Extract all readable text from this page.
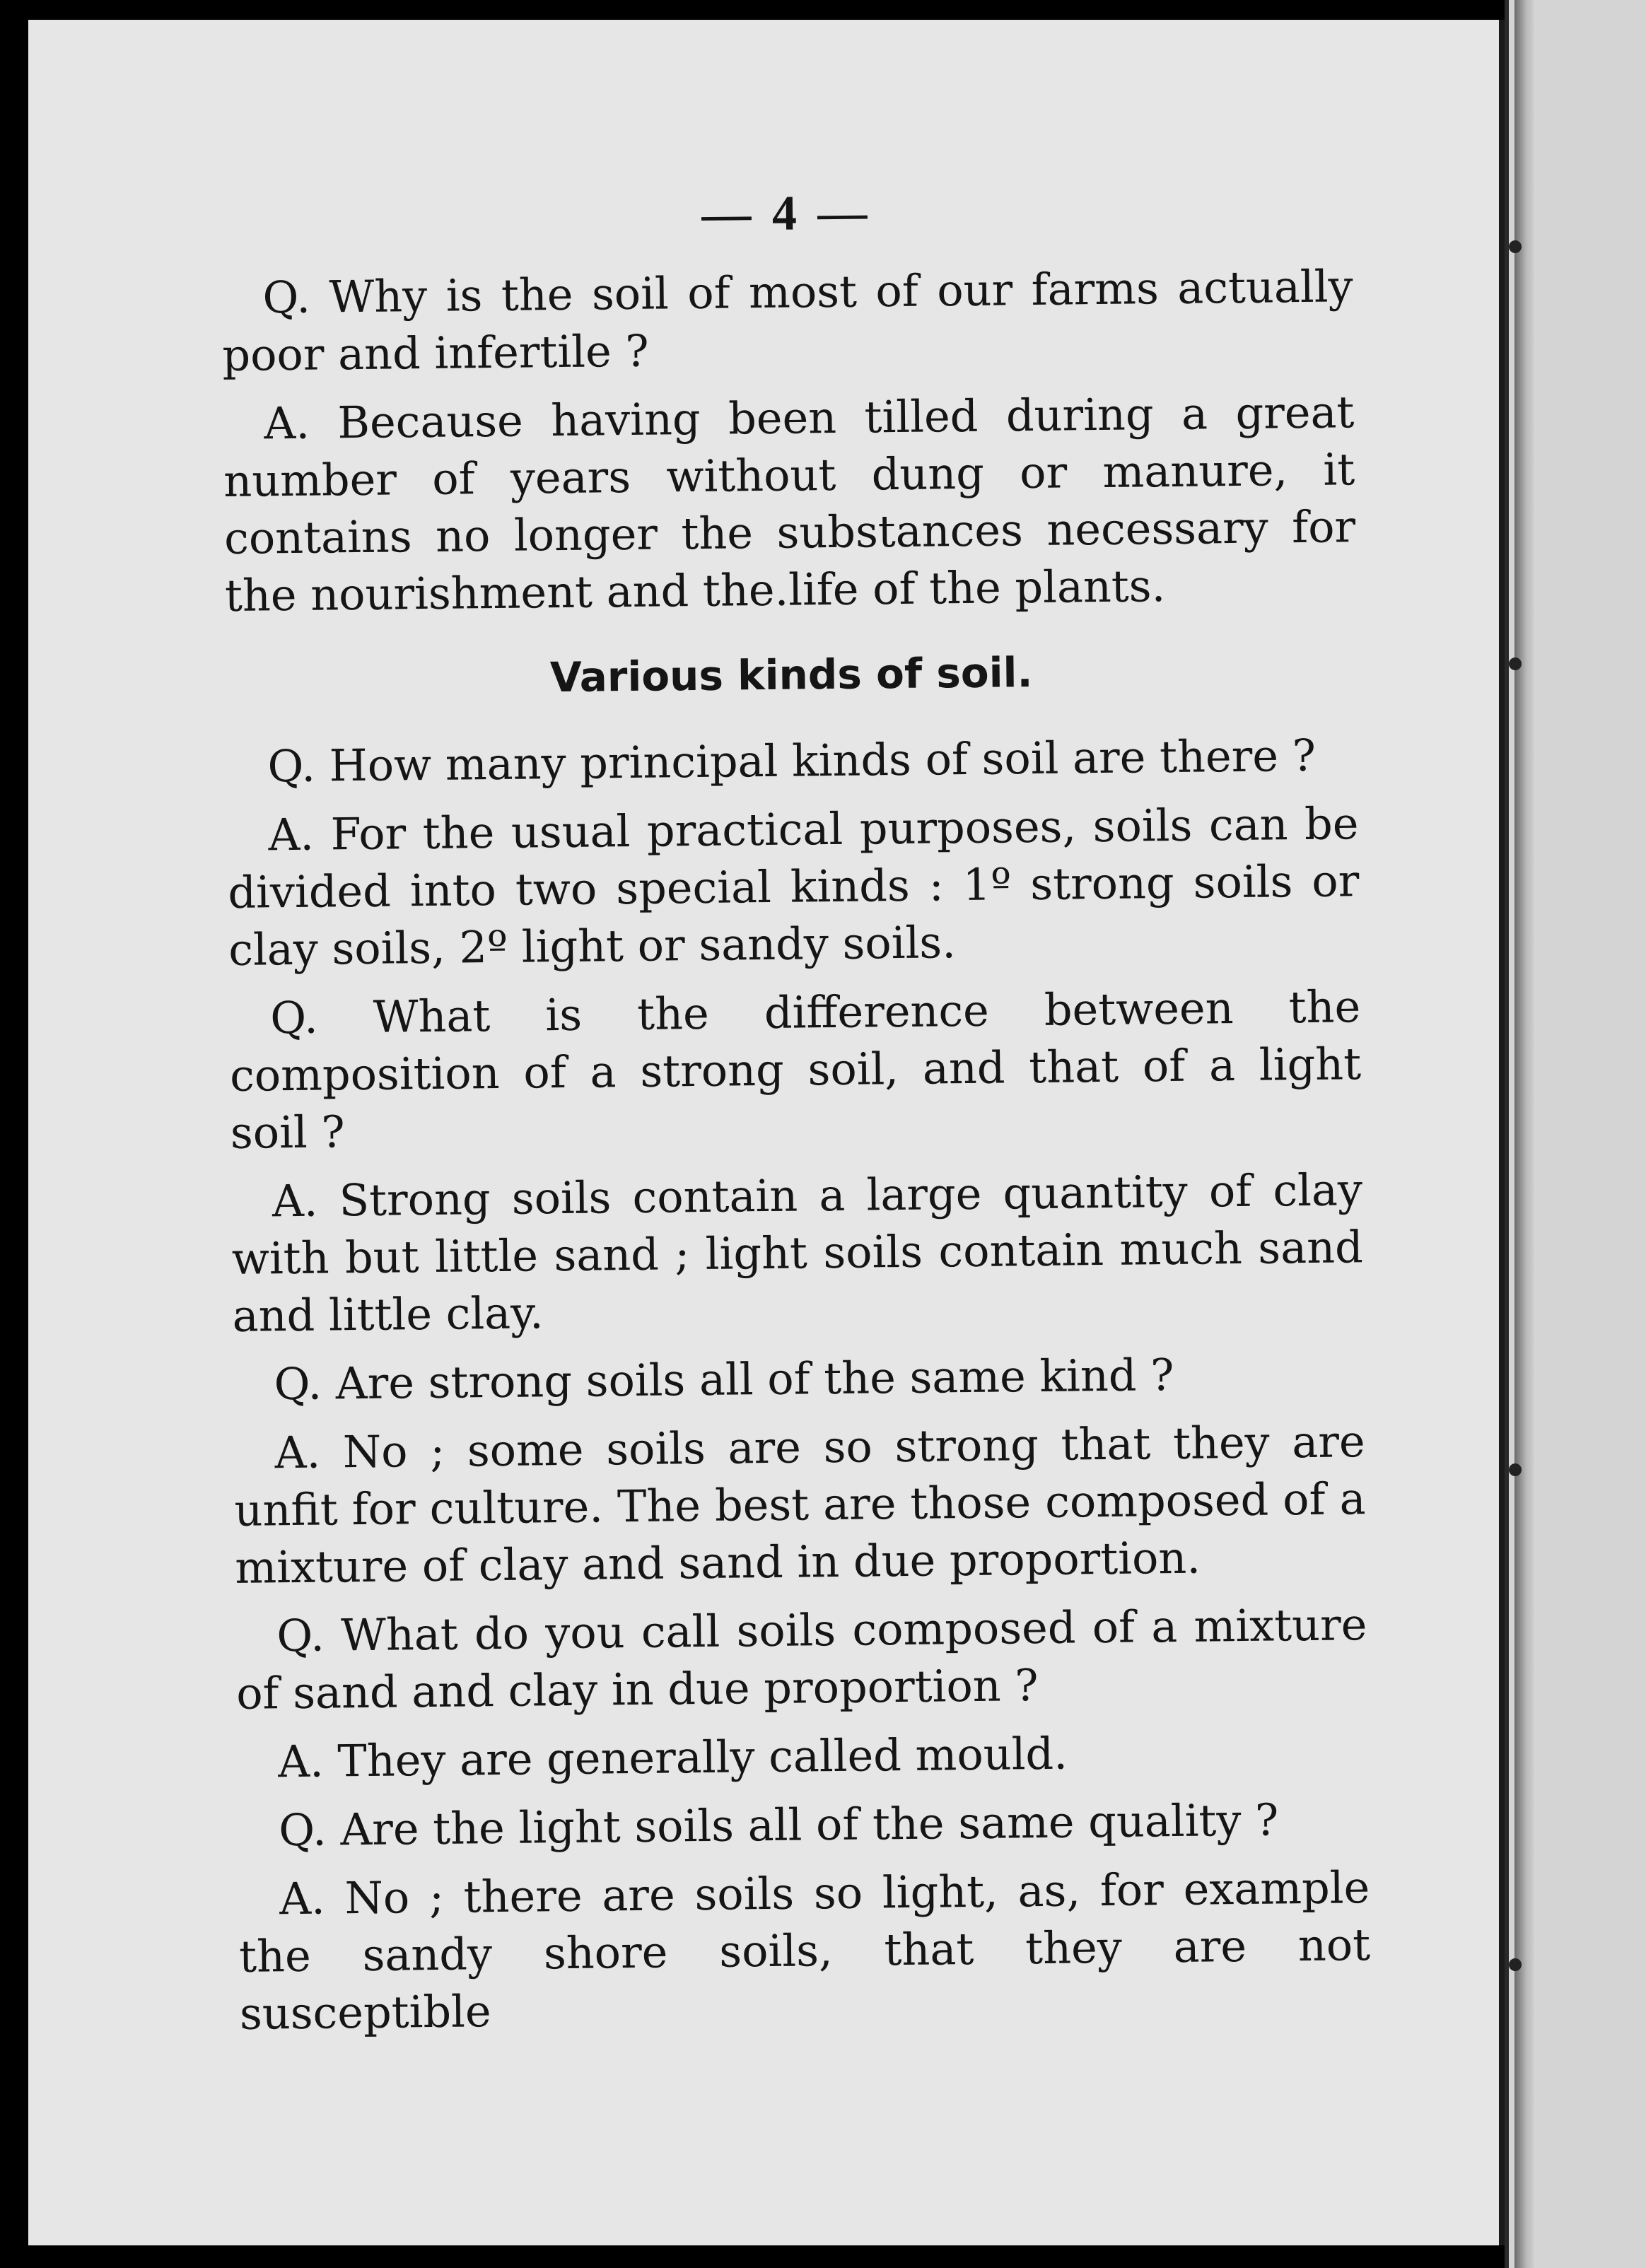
— 4 —

Q. Why is the soil of most of our farms actually poor and infertile ?

A. Because having been tilled during a great number of years without dung or manure, it contains no longer the substances necessary for the nourishment and the.life of the plants.

Various kinds of soil.

Q. How many principal kinds of soil are there ?

A. For the usual practical purposes, soils can be divided into two special kinds : 1º strong soils or clay soils, 2º light or sandy soils.

Q. What is the difference between the composition of a strong soil, and that of a light soil ?

A. Strong soils contain a large quantity of clay with but little sand ; light soils contain much sand and little clay.

Q. Are strong soils all of the same kind ?

A. No ; some soils are so strong that they are unfit for culture. The best are those composed of a mixture of clay and sand in due proportion.

Q. What do you call soils composed of a mixture of sand and clay in due proportion ?

A. They are generally called mould.

Q. Are the light soils all of the same quality ?

A. No ; there are soils so light, as, for example the sandy shore soils, that they are not susceptible
